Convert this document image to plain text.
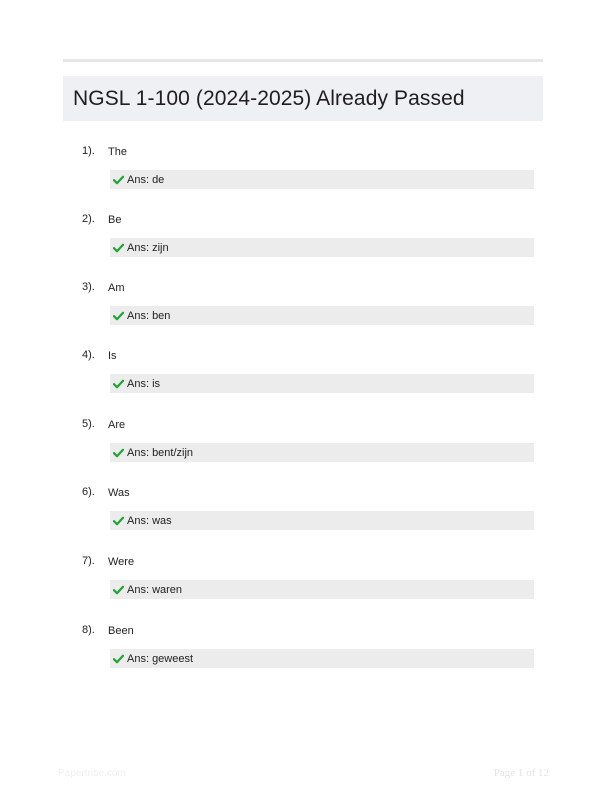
NGSL 1-100 (2024-2025) Already Passed
1). The
Ans: de
2). Be
Ans: zijn
3). Am
Ans: ben
4). Is
Ans: is
5). Are
Ans: bent/zijn
6). Was
Ans: was
7). Were
Ans: waren
8). Been
Ans: geweest
Papertribe.com	Page 1 of 12
